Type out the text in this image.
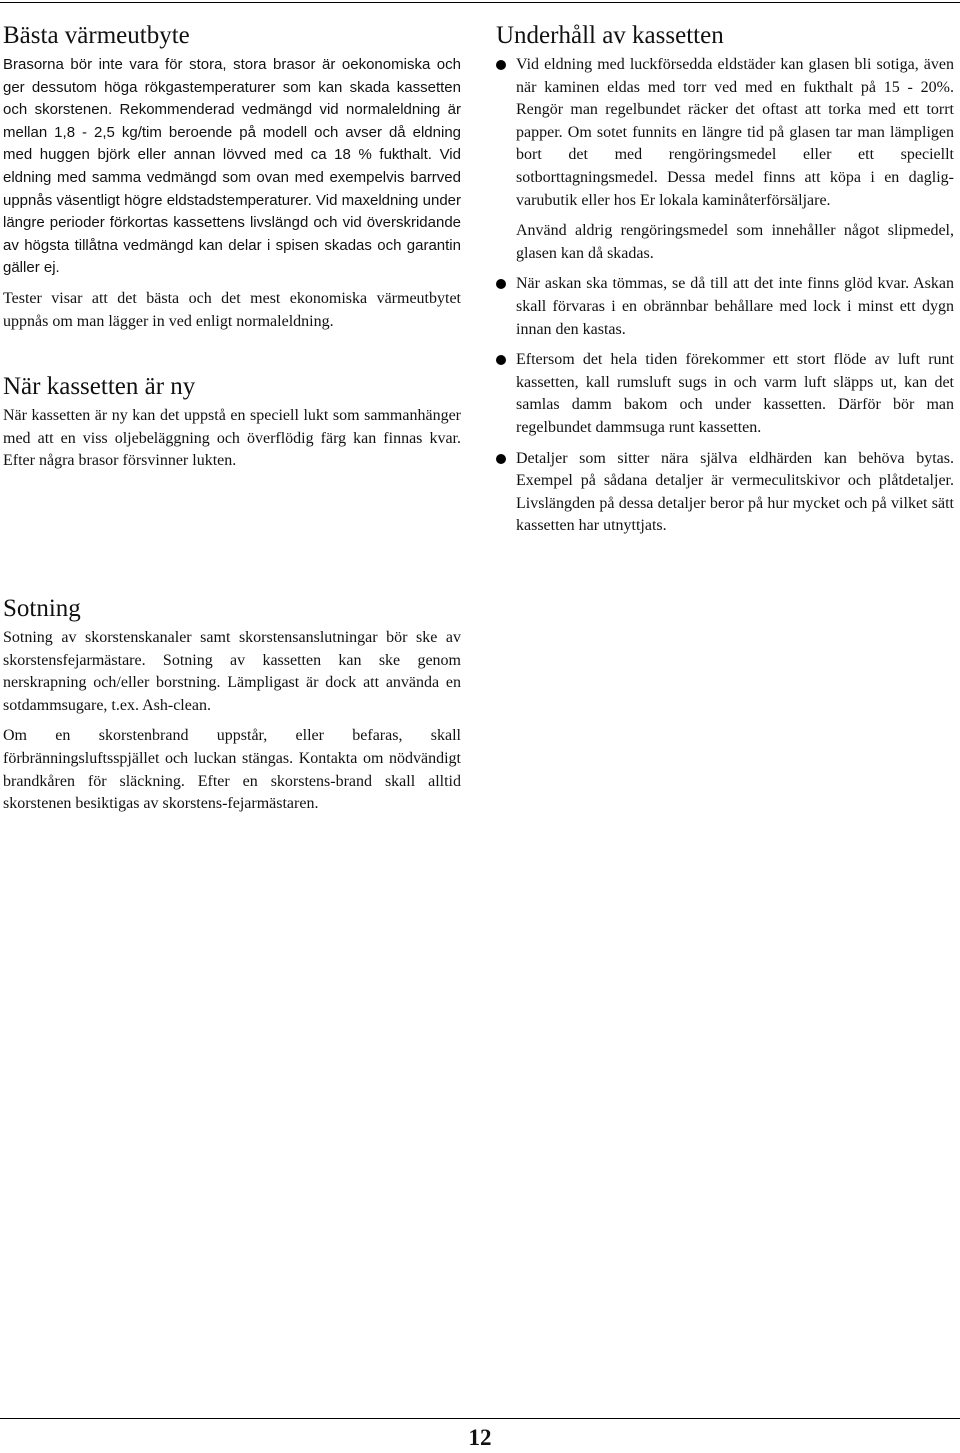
Bästa värmeutbyte

Brasorna bör inte vara för stora, stora brasor är oekonomiska och ger dessutom höga rökgastemperaturer som kan skada kassetten och skorstenen. Rekommenderad vedmängd vid normaleldning är mellan 1,8 - 2,5 kg/tim beroende på modell och avser då eldning med huggen björk eller annan lövved med ca 18 % fukthalt. Vid eldning med samma vedmängd som ovan med exempelvis barrved uppnås väsentligt högre eldstadstemperaturer. Vid maxeldning under längre perioder förkortas kassettens livslängd och vid överskridande av högsta tillåtna vedmängd kan delar i spisen skadas och garantin gäller ej.

Tester visar att det bästa och det mest ekonomiska värmeutbytet uppnås om man lägger in ved enligt normaleldning.

När kassetten är ny

När kassetten är ny kan det uppstå en speciell lukt som sammanhänger med att en viss oljebeläggning och överflödig färg kan finnas kvar. Efter några brasor försvinner lukten.

Underhåll av kassetten
Vid eldning med luckförsedda eldstäder kan glasen bli sotiga, även när kaminen eldas med torr ved med en fukthalt på 15 - 20%. Rengör man regelbundet räcker det oftast att torka med ett torrt papper. Om sotet funnits en längre tid på glasen tar man lämpligen bort det med rengöringsmedel eller ett speciellt sotborttagningsmedel. Dessa medel finns att köpa i en daglig- varubutik eller hos Er lokala kaminåterförsäljare.

Använd aldrig rengöringsmedel som innehåller något slipmedel, glasen kan då skadas.

När askan ska tömmas, se då till att det inte finns glöd kvar. Askan skall förvaras i en obrännbar behållare med lock i minst ett dygn innan den kastas.
Eftersom det hela tiden förekommer ett stort flöde av luft runt kassetten, kall rumsluft sugs in och varm luft släpps ut, kan det samlas damm bakom och under kassetten. Därför bör man regelbundet dammsuga runt kassetten.
Detaljer som sitter nära själva eldhärden kan behöva bytas. Exempel på sådana detaljer är vermeculitskivor och plåtdetaljer. Livslängden på dessa detaljer beror på hur mycket och på vilket sätt kassetten har utnyttjats.
Sotning

Sotning av skorstenskanaler samt skorstensanslutningar bör ske av skorstensfejarmästare. Sotning av kassetten kan ske genom nerskrapning och/eller borstning. Lämpligast är dock att använda en sotdammsugare, t.ex. Ash-clean.

Om en skorstenbrand uppstår, eller befaras, skall förbränningsluftsspjället och luckan stängas. Kontakta om nödvändigt brandkåren för släckning. Efter en skorstens-brand skall alltid skorstenen besiktigas av skorstens-fejarmästaren.

12
